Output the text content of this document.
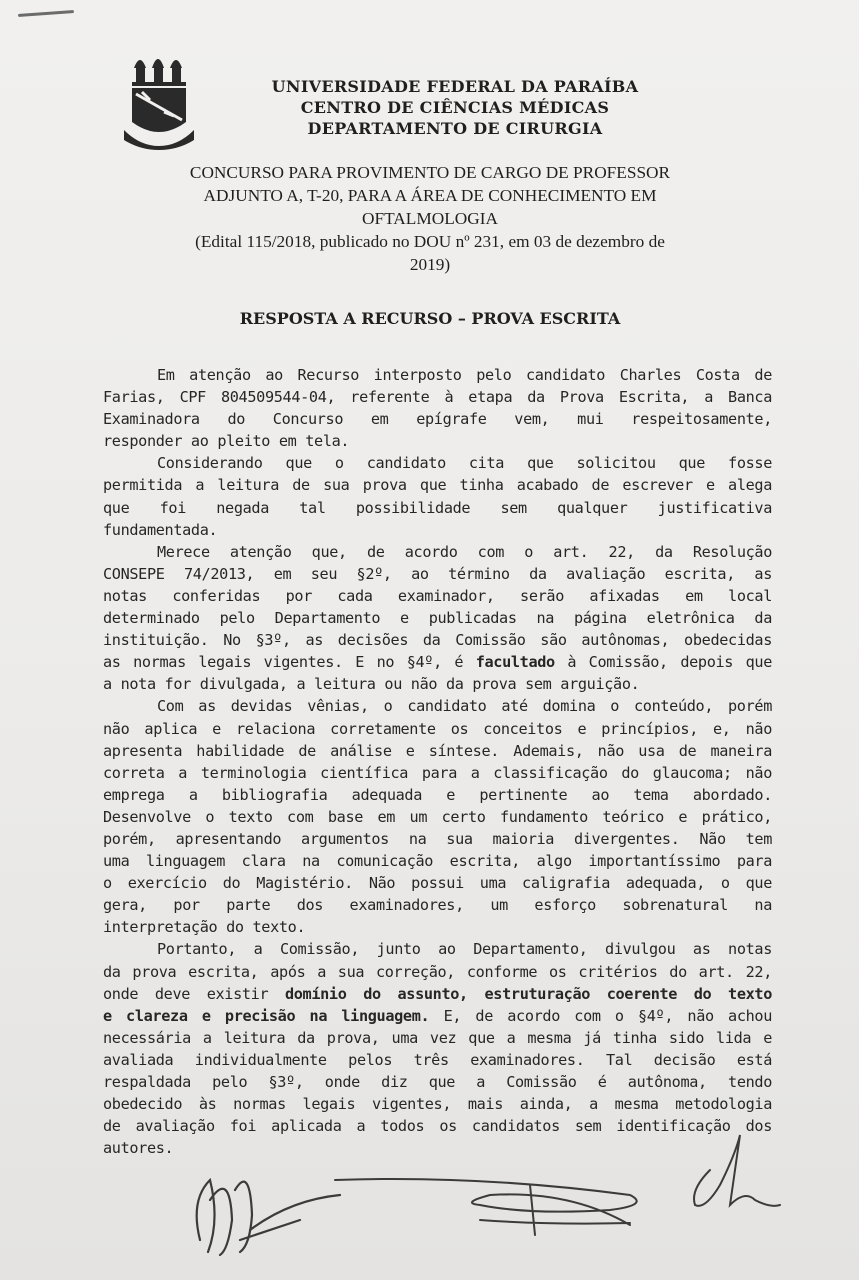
UNIVERSIDADE FEDERAL DA PARAÍBA
CENTRO DE CIÊNCIAS MÉDICAS
DEPARTAMENTO DE CIRURGIA
CONCURSO PARA PROVIMENTO DE CARGO DE PROFESSOR
ADJUNTO A, T-20, PARA A ÁREA DE CONHECIMENTO EM
OFTALMOLOGIA
(Edital 115/2018, publicado no DOU nº 231, em 03 de dezembro de
2019)
RESPOSTA A RECURSO – PROVA ESCRITA
Em atenção ao Recurso interposto pelo candidato Charles Costa de
Farias, CPF 804509544-04, referente à etapa da Prova Escrita, a Banca
Examinadora do Concurso em epígrafe vem, mui respeitosamente,
responder ao pleito em tela.
Considerando que o candidato cita que solicitou que fosse
permitida a leitura de sua prova que tinha acabado de escrever e alega
que foi negada tal possibilidade sem qualquer justificativa
fundamentada.
Merece atenção que, de acordo com o art. 22, da Resolução
CONSEPE 74/2013, em seu §2º, ao término da avaliação escrita, as
notas conferidas por cada examinador, serão afixadas em local
determinado pelo Departamento e publicadas na página eletrônica da
instituição. No §3º, as decisões da Comissão são autônomas, obedecidas
as normas legais vigentes. E no §4º, é facultado à Comissão, depois que
a nota for divulgada, a leitura ou não da prova sem arguição.
Com as devidas vênias, o candidato até domina o conteúdo, porém
não aplica e relaciona corretamente os conceitos e princípios, e, não
apresenta habilidade de análise e síntese. Ademais, não usa de maneira
correta a terminologia científica para a classificação do glaucoma; não
emprega a bibliografia adequada e pertinente ao tema abordado.
Desenvolve o texto com base em um certo fundamento teórico e prático,
porém, apresentando argumentos na sua maioria divergentes. Não tem
uma linguagem clara na comunicação escrita, algo importantíssimo para
o exercício do Magistério. Não possui uma caligrafia adequada, o que
gera, por parte dos examinadores, um esforço sobrenatural na
interpretação do texto.
Portanto, a Comissão, junto ao Departamento, divulgou as notas
da prova escrita, após a sua correção, conforme os critérios do art. 22,
onde deve existir domínio do assunto, estruturação coerente do texto
e clareza e precisão na linguagem. E, de acordo com o §4º, não achou
necessária a leitura da prova, uma vez que a mesma já tinha sido lida e
avaliada individualmente pelos três examinadores. Tal decisão está
respaldada pelo §3º, onde diz que a Comissão é autônoma, tendo
obedecido às normas legais vigentes, mais ainda, a mesma metodologia
de avaliação foi aplicada a todos os candidatos sem identificação dos
autores.
